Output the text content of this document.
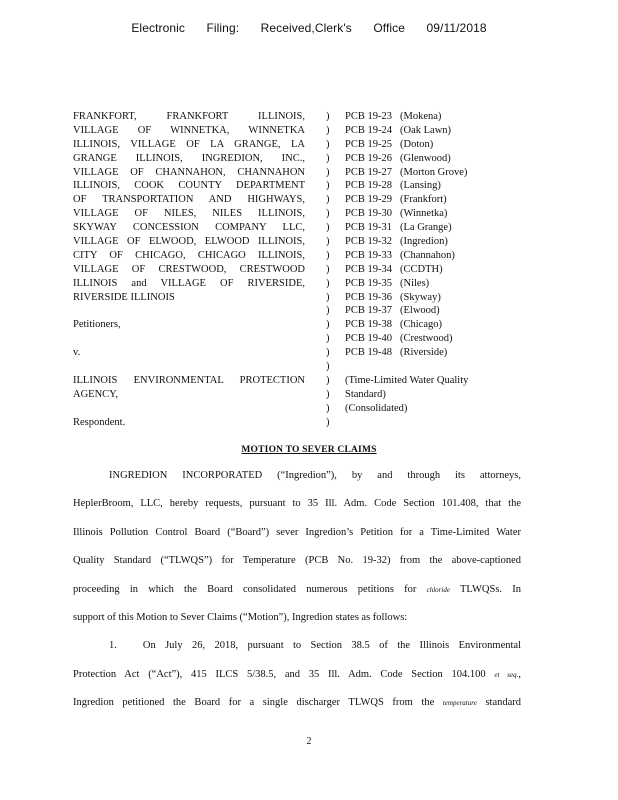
Electronic Filing: Received,Clerk's Office 09/11/2018
FRANKFORT, FRANKFORT ILLINOIS,
VILLAGE OF WINNETKA, WINNETKA
ILLINOIS, VILLAGE OF LA GRANGE, LA
GRANGE ILLINOIS, INGREDION, INC.,
VILLAGE OF CHANNAHON, CHANNAHON
ILLINOIS, COOK COUNTY DEPARTMENT
OF TRANSPORTATION AND HIGHWAYS,
VILLAGE OF NILES, NILES ILLINOIS,
SKYWAY CONCESSION COMPANY LLC,
VILLAGE OF ELWOOD, ELWOOD ILLINOIS,
CITY OF CHICAGO, CHICAGO ILLINOIS,
VILLAGE OF CRESTWOOD, CRESTWOOD
ILLINOIS and VILLAGE OF RIVERSIDE,
RIVERSIDE ILLINOIS
Petitioners,
v.
ILLINOIS ENVIRONMENTAL PROTECTION
AGENCY,
Respondent.
)
)
)
)
)
)
)
)
)
)
)
)
)
)
)
)
)
)
)
)
)
)
)
PCB 19-23 (Mokena)
PCB 19-24 (Oak Lawn)
PCB 19-25 (Doton)
PCB 19-26 (Glenwood)
PCB 19-27 (Morton Grove)
PCB 19-28 (Lansing)
PCB 19-29 (Frankfort)
PCB 19-30 (Winnetka)
PCB 19-31 (La Grange)
PCB 19-32 (Ingredion)
PCB 19-33 (Channahon)
PCB 19-34 (CCDTH)
PCB 19-35 (Niles)
PCB 19-36 (Skyway)
PCB 19-37 (Elwood)
PCB 19-38 (Chicago)
PCB 19-40 (Crestwood)
PCB 19-48 (Riverside)
(Time-Limited Water Quality
Standard)
(Consolidated)
MOTION TO SEVER CLAIMS
INGREDION INCORPORATED (“Ingredion”), by and through its attorneys,
HeplerBroom, LLC, hereby requests, pursuant to 35 Ill. Adm. Code Section 101.408, that the
Illinois Pollution Control Board (“Board”) sever Ingredion’s Petition for a Time-Limited Water
Quality Standard (“TLWQS”) for Temperature (PCB No. 19-32) from the above-captioned
proceeding in which the Board consolidated numerous petitions for chloride TLWQSs. In
support of this Motion to Sever Claims (“Motion”), Ingredion states as follows:
1. On July 26, 2018, pursuant to Section 38.5 of the Illinois Environmental
Protection Act (“Act”), 415 ILCS 5/38.5, and 35 Ill. Adm. Code Section 104.100 et seq.,
Ingredion petitioned the Board for a single discharger TLWQS from the temperature standard
2
